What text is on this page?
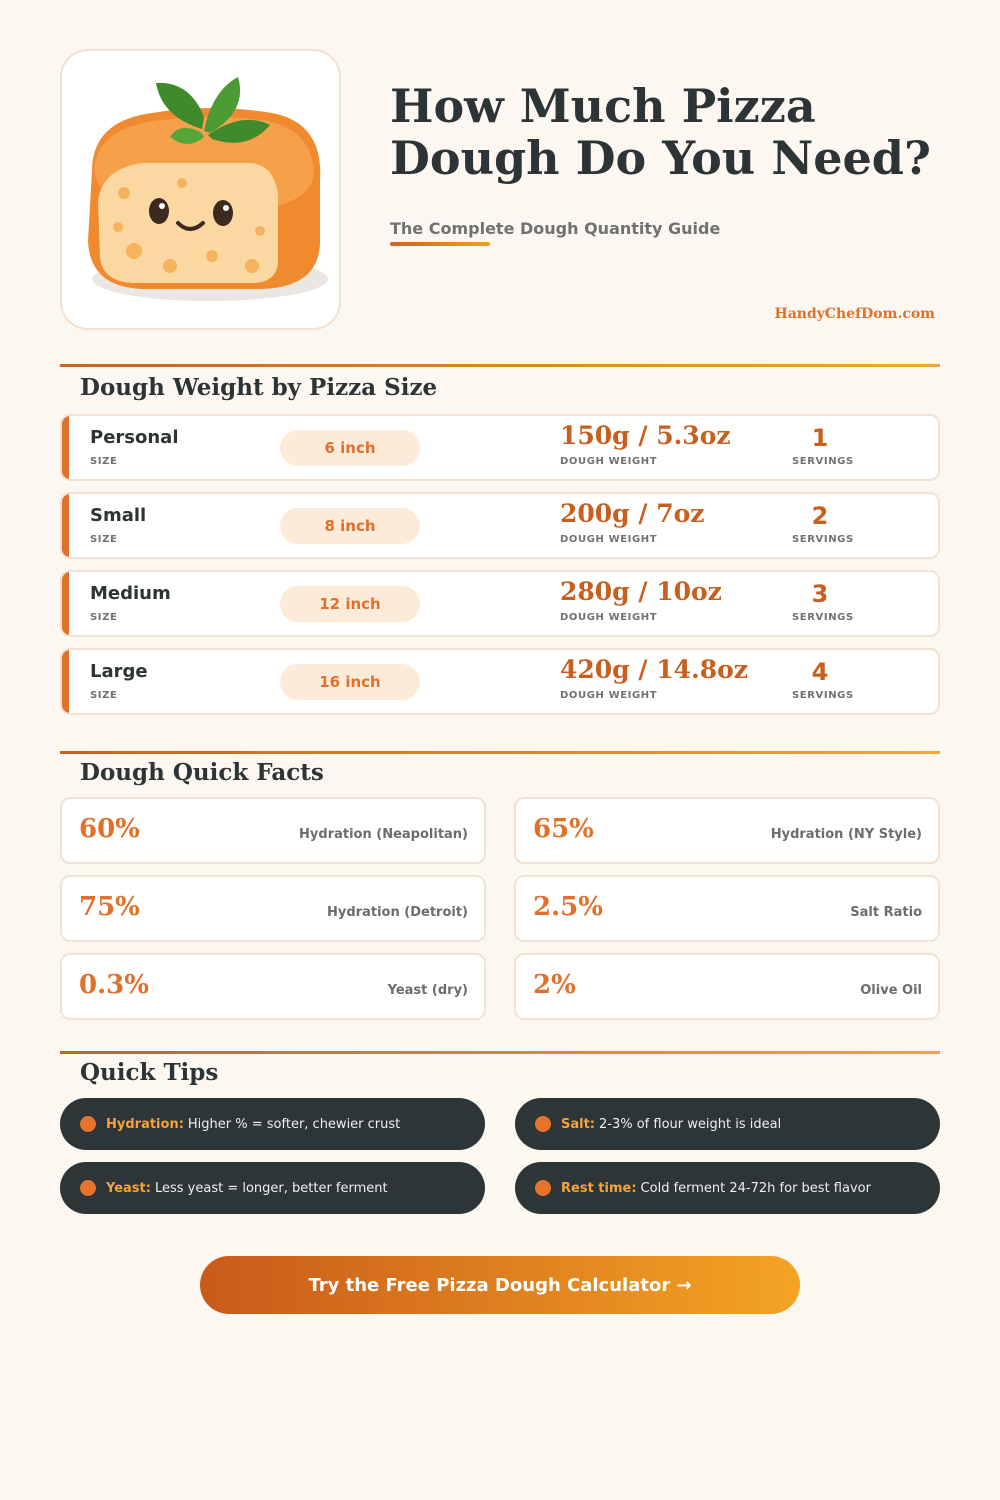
How Much Pizza
Dough Do You Need?
The Complete Dough Quantity Guide
HandyChefDom.com
Dough Weight by Pizza Size
Personal
SIZE
6 inch	150g / 5.3oz
DOUGH WEIGHT
1
SERVINGS
Small
SIZE
8 inch	200g / 7oz
DOUGH WEIGHT
2
SERVINGS
Medium
SIZE
12 inch	280g / 10oz
DOUGH WEIGHT
3
SERVINGS
Large
SIZE
16 inch	420g / 14.8oz
DOUGH WEIGHT
4
SERVINGS
Dough Quick Facts
60%	Hydration (Neapolitan)	65%	Hydration (NY Style)
75%	Hydration (Detroit)	2.5%	Salt Ratio
0.3%	Yeast (dry)	2%	Olive Oil
Quick Tips
Hydration: Higher % = softer, chewier crust	Salt: 2-3% of flour weight is ideal
Yeast: Less yeast = longer, better ferment	Rest time: Cold ferment 24-72h for best flavor
Try the Free Pizza Dough Calculator →
